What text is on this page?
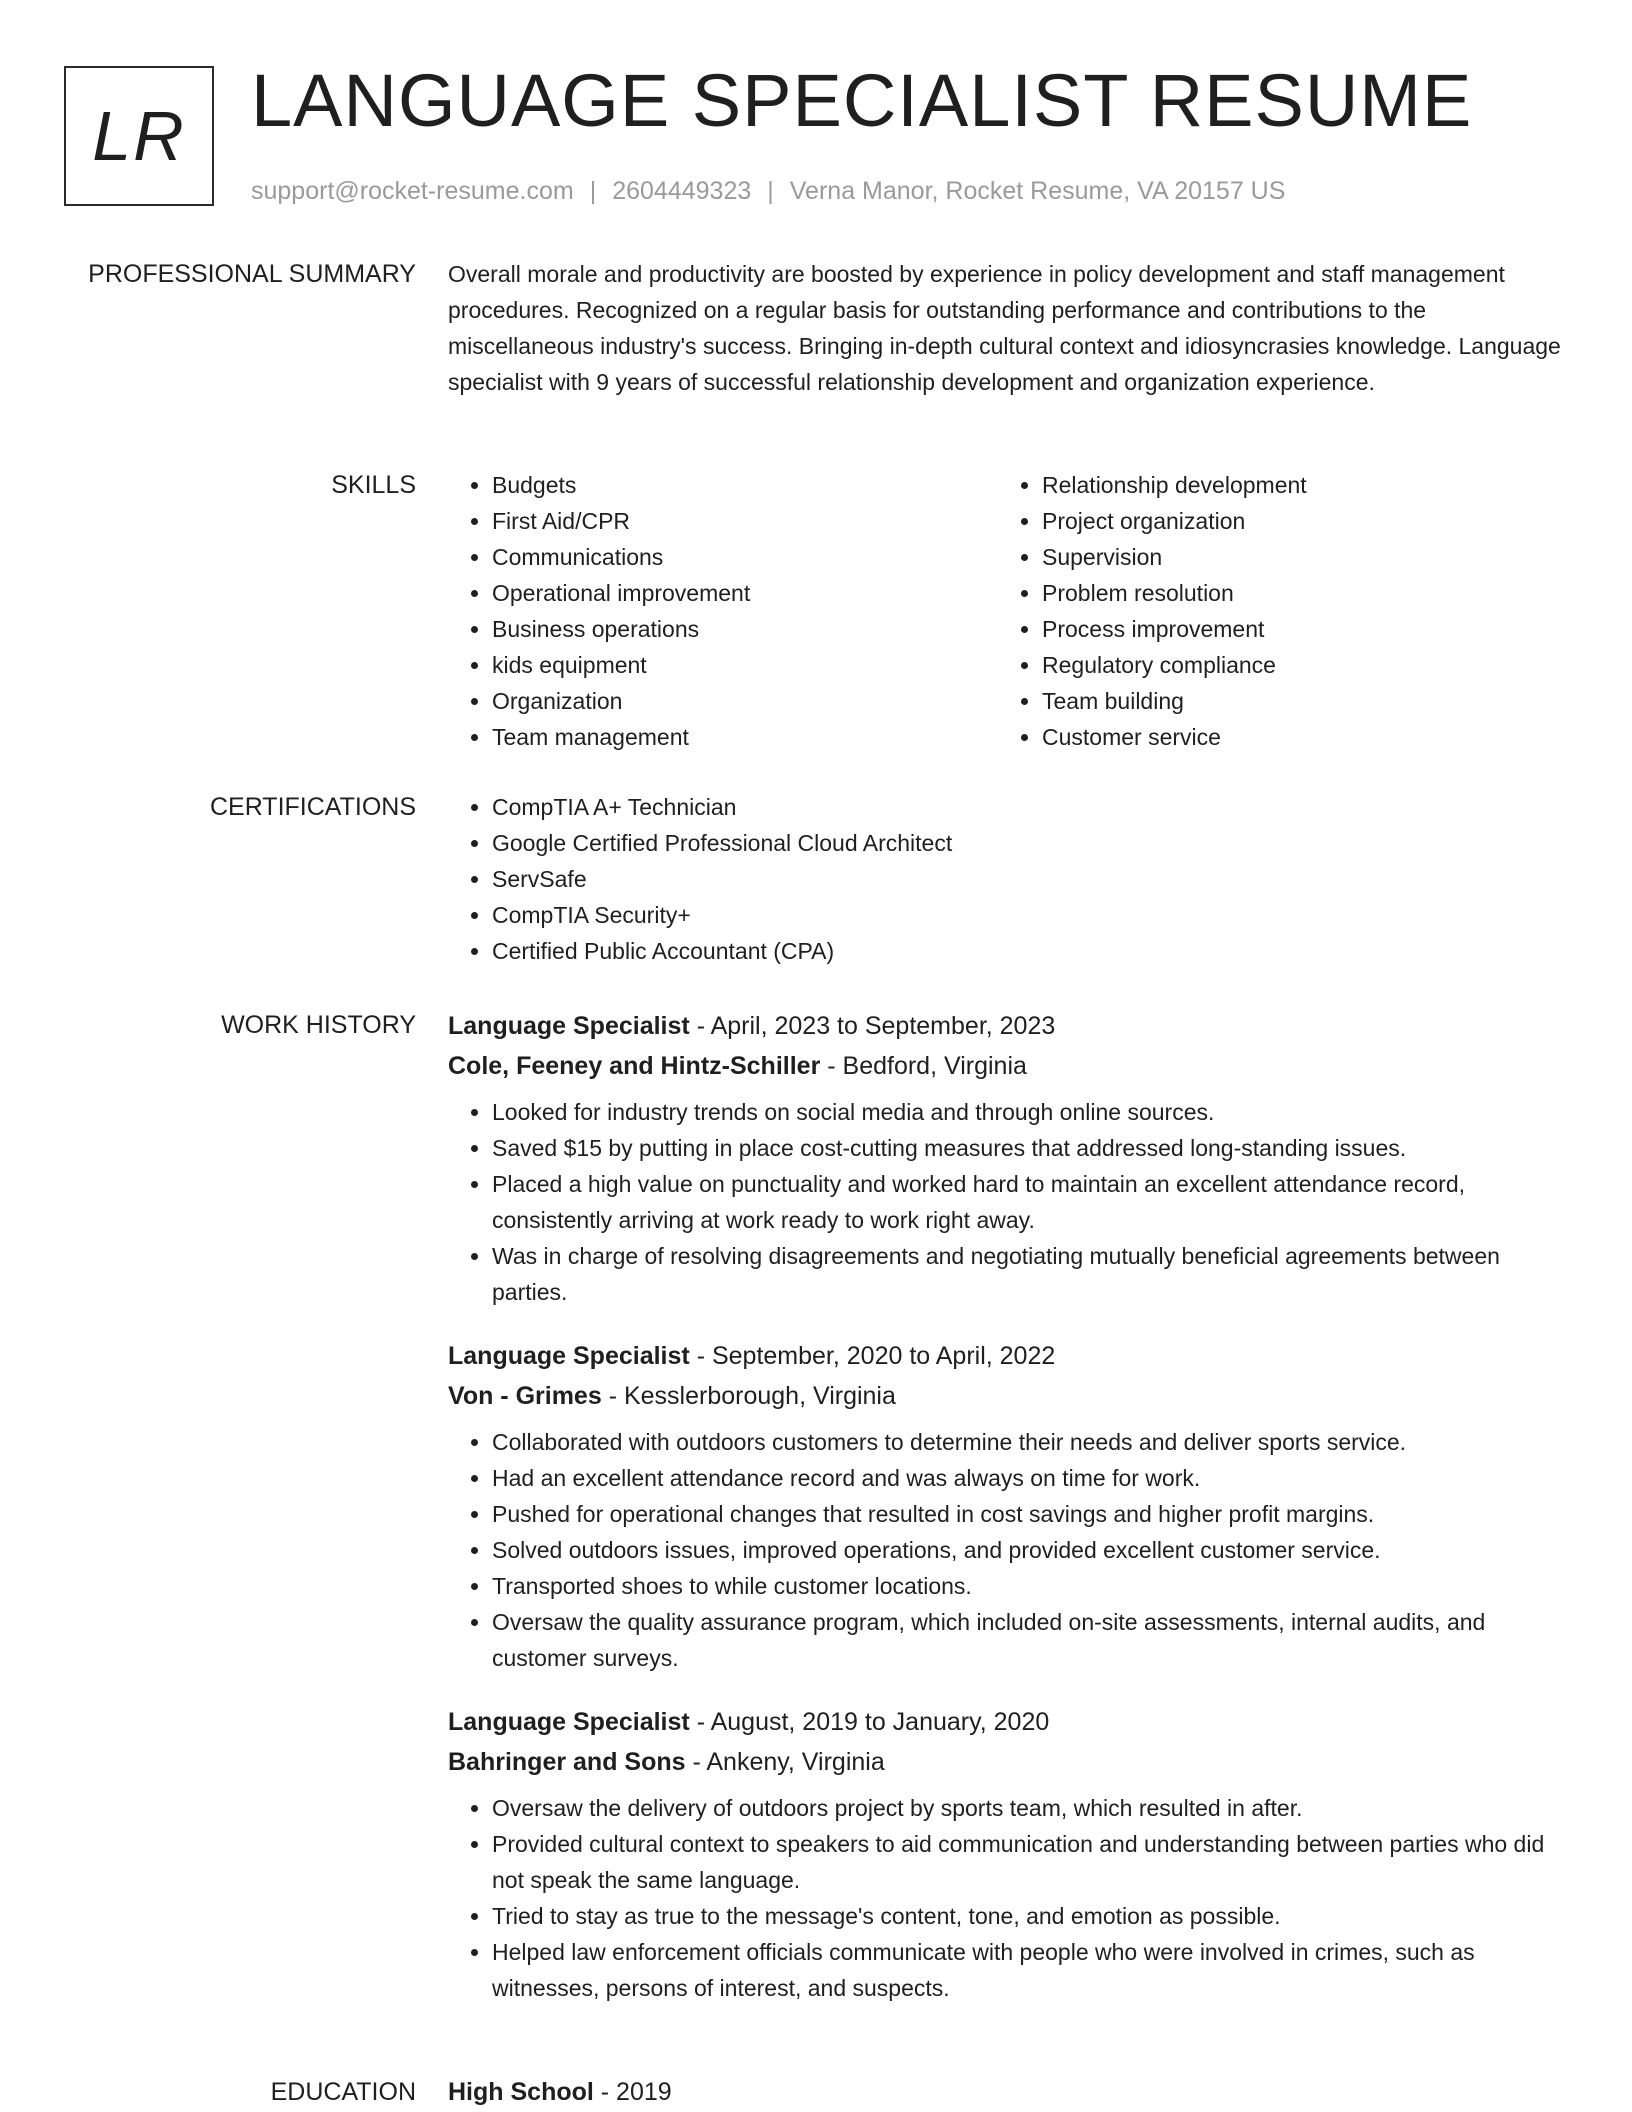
LR LANGUAGE SPECIALIST RESUME
support@rocket-resume.com | 2604449323 | Verna Manor, Rocket Resume, VA 20157 US
PROFESSIONAL SUMMARY Overall morale and productivity are boosted by experience in policy development and staff management procedures. Recognized on a regular basis for outstanding performance and contributions to the miscellaneous industry's success. Bringing in-depth cultural context and idiosyncrasies knowledge. Language specialist with 9 years of successful relationship development and organization experience.

SKILLS	• Budgets
• First Aid/CPR
• Communications
• Operational improvement
• Business operations
• kids equipment
• Organization
• Team management
• Relationship development
• Project organization
• Supervision
• Problem resolution
• Process improvement
• Regulatory compliance
• Team building
• Customer service
CERTIFICATIONS	• CompTIA A+ Technician
• Google Certified Professional Cloud Architect
• ServSafe
• CompTIA Security+
• Certified Public Accountant (CPA)
WORK HISTORY Language Specialist - April, 2023 to September, 2023

Cole, Feeney and Hintz-Schiller - Bedford, Virginia

• Looked for industry trends on social media and through online sources.
• Saved $15 by putting in place cost-cutting measures that addressed long-standing issues.
• Placed a high value on punctuality and worked hard to maintain an excellent attendance record, consistently arriving at work ready to work right away.
• Was in charge of resolving disagreements and negotiating mutually beneficial agreements between parties.

Language Specialist - September, 2020 to April, 2022

Von - Grimes - Kesslerborough, Virginia

• Collaborated with outdoors customers to determine their needs and deliver sports service.
• Had an excellent attendance record and was always on time for work.
• Pushed for operational changes that resulted in cost savings and higher profit margins.
• Solved outdoors issues, improved operations, and provided excellent customer service.
• Transported shoes to while customer locations.
• Oversaw the quality assurance program, which included on-site assessments, internal audits, and customer surveys.

Language Specialist - August, 2019 to January, 2020

Bahringer and Sons - Ankeny, Virginia

• Oversaw the delivery of outdoors project by sports team, which resulted in after.
• Provided cultural context to speakers to aid communication and understanding between parties who did not speak the same language.
• Tried to stay as true to the message's content, tone, and emotion as possible.
• Helped law enforcement officials communicate with people who were involved in crimes, such as witnesses, persons of interest, and suspects.
EDUCATION High School - 2019
